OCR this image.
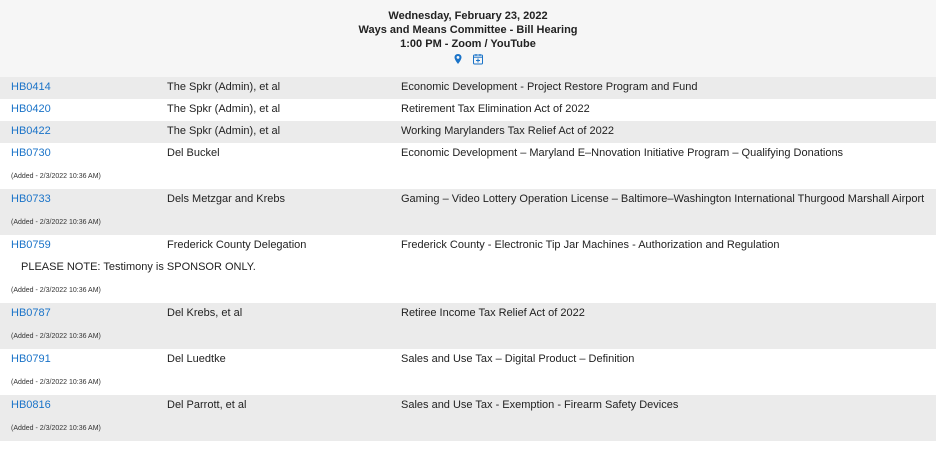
Wednesday, February 23, 2022
Ways and Means Committee - Bill Hearing
1:00 PM - Zoom / YouTube
HB0414	The Spkr (Admin), et al	Economic Development - Project Restore Program and Fund
HB0420	The Spkr (Admin), et al	Retirement Tax Elimination Act of 2022
HB0422	The Spkr (Admin), et al	Working Marylanders Tax Relief Act of 2022
HB0730	Del Buckel	Economic Development – Maryland E–Nnovation Initiative Program – Qualifying Donations
(Added - 2/3/2022 10:36 AM)
HB0733	Dels Metzgar and Krebs	Gaming – Video Lottery Operation License – Baltimore–Washington International Thurgood Marshall Airport
(Added - 2/3/2022 10:36 AM)
HB0759	Frederick County Delegation	Frederick County - Electronic Tip Jar Machines - Authorization and Regulation
PLEASE NOTE: Testimony is SPONSOR ONLY.
(Added - 2/3/2022 10:36 AM)
HB0787	Del Krebs, et al	Retiree Income Tax Relief Act of 2022
(Added - 2/3/2022 10:36 AM)
HB0791	Del Luedtke	Sales and Use Tax – Digital Product – Definition
(Added - 2/3/2022 10:36 AM)
HB0816	Del Parrott, et al	Sales and Use Tax - Exemption - Firearm Safety Devices
(Added - 2/3/2022 10:36 AM)
